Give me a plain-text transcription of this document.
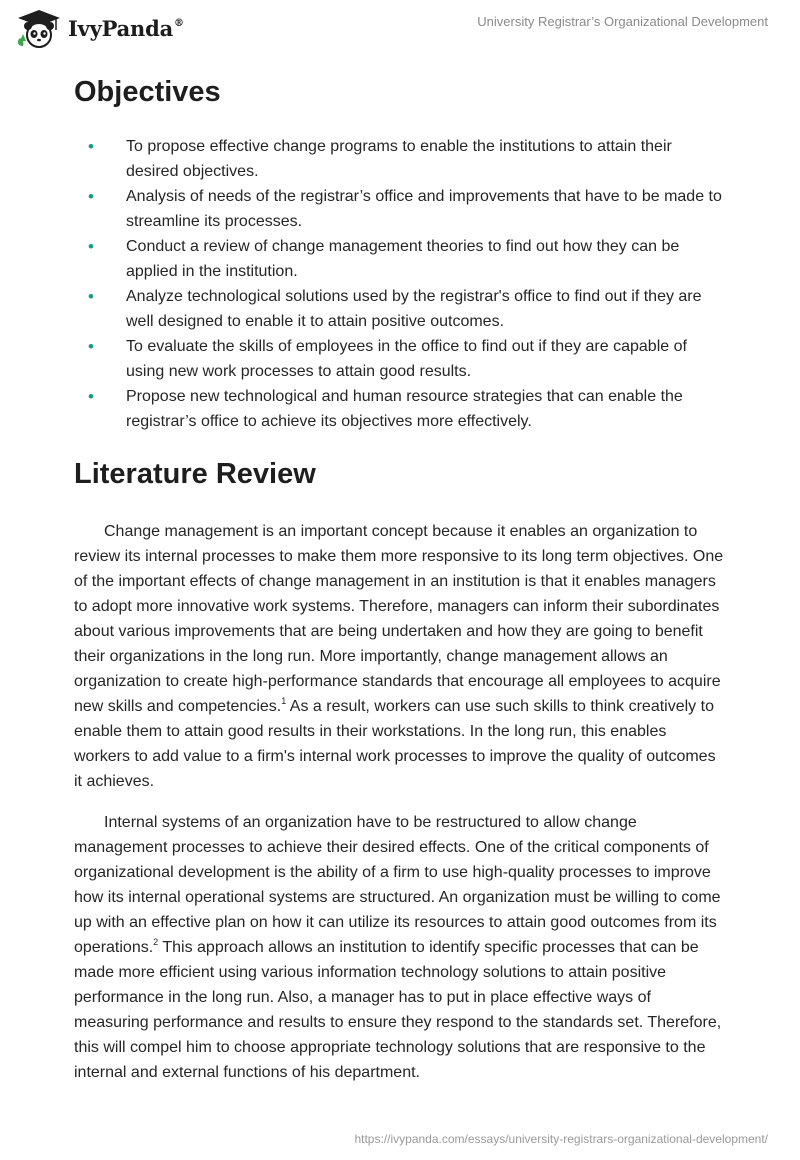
IvyPanda®	University Registrar’s Organizational Development
Objectives
• To propose effective change programs to enable the institutions to attain their desired objectives.
• Analysis of needs of the registrar’s office and improvements that have to be made to streamline its processes.
• Conduct a review of change management theories to find out how they can be applied in the institution.
• Analyze technological solutions used by the registrar's office to find out if they are well designed to enable it to attain positive outcomes.
• To evaluate the skills of employees in the office to find out if they are capable of using new work processes to attain good results.
• Propose new technological and human resource strategies that can enable the registrar’s office to achieve its objectives more effectively.
Literature Review

Change management is an important concept because it enables an organization to review its internal processes to make them more responsive to its long term objectives. One of the important effects of change management in an institution is that it enables managers to adopt more innovative work systems. Therefore, managers can inform their subordinates about various improvements that are being undertaken and how they are going to benefit their organizations in the long run. More importantly, change management allows an organization to create high-performance standards that encourage all employees to acquire new skills and competencies.$^1$ As a result, workers can use such skills to think creatively to enable them to attain good results in their workstations. In the long run, this enables workers to add value to a firm's internal work processes to improve the quality of outcomes it achieves.

Internal systems of an organization have to be restructured to allow change management processes to achieve their desired effects. One of the critical components of organizational development is the ability of a firm to use high-quality processes to improve how its internal operational systems are structured. An organization must be willing to come up with an effective plan on how it can utilize its resources to attain good outcomes from its operations.$^2$ This approach allows an institution to identify specific processes that can be made more efficient using various information technology solutions to attain positive performance in the long run. Also, a manager has to put in place effective ways of measuring performance and results to ensure they respond to the standards set. Therefore, this will compel him to choose appropriate technology solutions that are responsive to the internal and external functions of his department.

https://ivypanda.com/essays/university-registrars-organizational-development/
